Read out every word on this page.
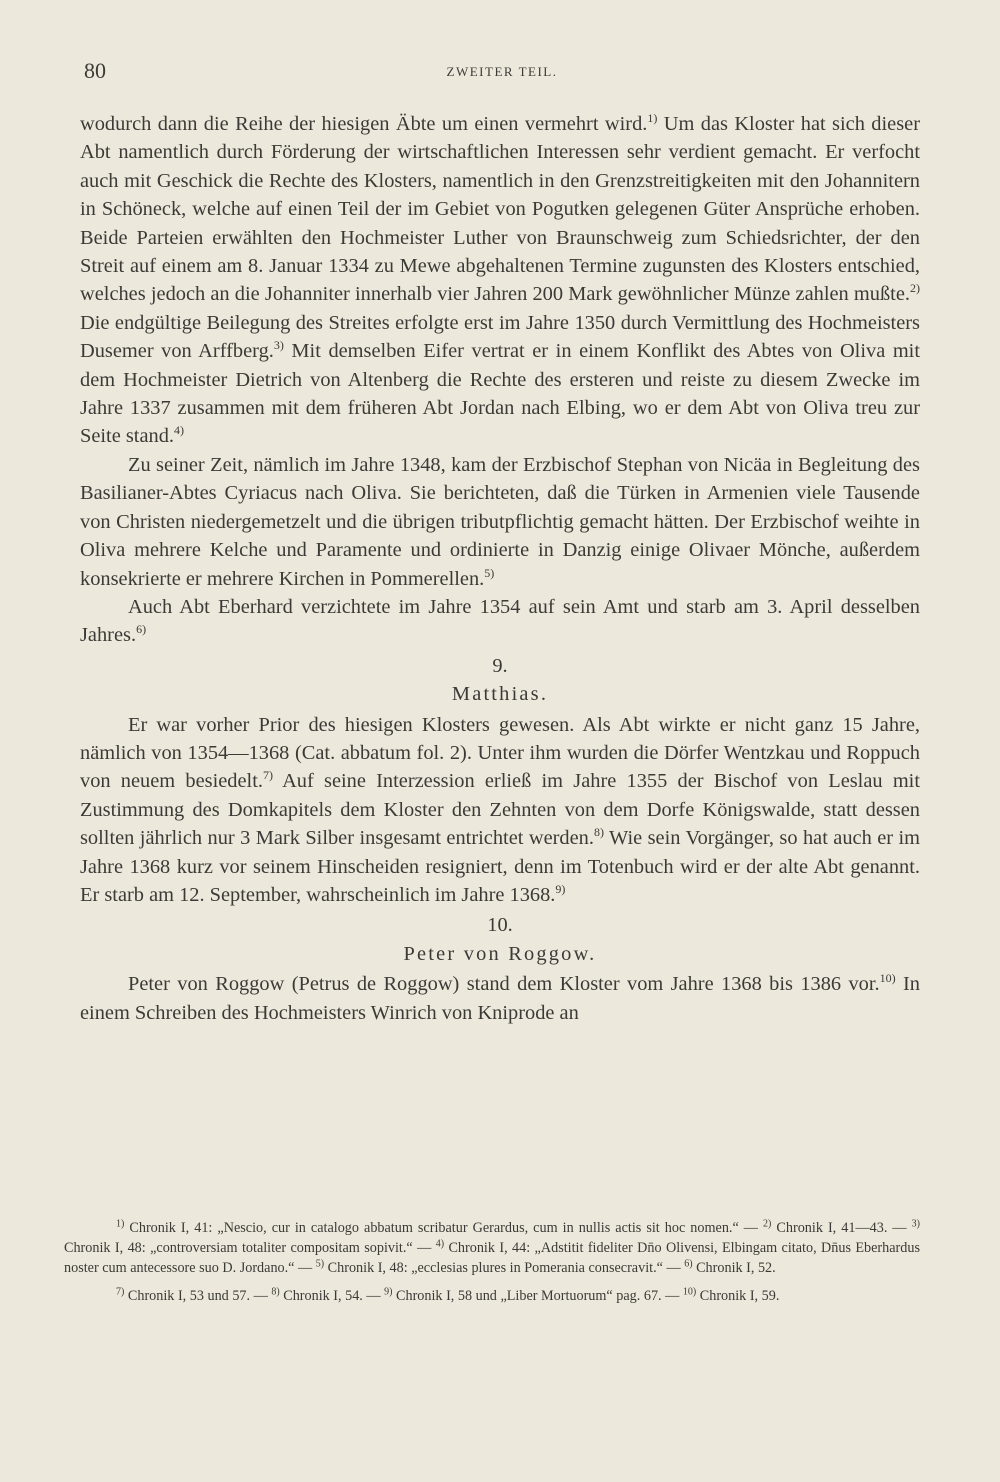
80	ZWEITER TEIL.

wodurch dann die Reihe der hiesigen Äbte um einen vermehrt wird.$^{1)}$ Um das Kloster hat sich dieser Abt namentlich durch Förderung der wirtschaftlichen Interessen sehr verdient gemacht. Er verfocht auch mit Geschick die Rechte des Klosters, namentlich in den Grenzstreitigkeiten mit den Johannitern in Schöneck, welche auf einen Teil der im Gebiet von Pogutken gelegenen Güter Ansprüche erhoben. Beide Parteien erwählten den Hochmeister Luther von Braunschweig zum Schiedsrichter, der den Streit auf einem am 8. Januar 1334 zu Mewe abgehaltenen Termine zugunsten des Klosters entschied, welches jedoch an die Johanniter innerhalb vier Jahren 200 Mark gewöhnlicher Münze zahlen mußte.$^{2)}$ Die endgültige Beilegung des Streites erfolgte erst im Jahre 1350 durch Vermittlung des Hochmeisters Dusemer von Arffberg.$^{3)}$ Mit demselben Eifer vertrat er in einem Konflikt des Abtes von Oliva mit dem Hochmeister Dietrich von Altenberg die Rechte des ersteren und reiste zu diesem Zwecke im Jahre 1337 zusammen mit dem früheren Abt Jordan nach Elbing, wo er dem Abt von Oliva treu zur Seite stand.$^{4)}$

Zu seiner Zeit, nämlich im Jahre 1348, kam der Erzbischof Stephan von Nicäa in Begleitung des Basilianer-Abtes Cyriacus nach Oliva. Sie berichteten, daß die Türken in Armenien viele Tausende von Christen niedergemetzelt und die übrigen tributpflichtig gemacht hätten. Der Erzbischof weihte in Oliva mehrere Kelche und Paramente und ordinierte in Danzig einige Olivaer Mönche, außerdem konsekrierte er mehrere Kirchen in Pommerellen.$^{5)}$

Auch Abt Eberhard verzichtete im Jahre 1354 auf sein Amt und starb am 3. April desselben Jahres.$^{6)}$

9.
Matthias.

Er war vorher Prior des hiesigen Klosters gewesen. Als Abt wirkte er nicht ganz 15 Jahre, nämlich von 1354—1368 (Cat. abbatum fol. 2). Unter ihm wurden die Dörfer Wentzkau und Roppuch von neuem besiedelt.$^{7)}$ Auf seine Interzession erließ im Jahre 1355 der Bischof von Leslau mit Zustimmung des Domkapitels dem Kloster den Zehnten von dem Dorfe Königswalde, statt dessen sollten jährlich nur 3 Mark Silber insgesamt entrichtet werden.$^{8)}$ Wie sein Vorgänger, so hat auch er im Jahre 1368 kurz vor seinem Hinscheiden resigniert, denn im Totenbuch wird er der alte Abt genannt. Er starb am 12. September, wahrscheinlich im Jahre 1368.$^{9)}$

10.
Peter von Roggow.

Peter von Roggow (Petrus de Roggow) stand dem Kloster vom Jahre 1368 bis 1386 vor.$^{10)}$ In einem Schreiben des Hochmeisters Winrich von Kniprode an

$^{1)}$ Chronik I, 41: „Nescio, cur in catalogo abbatum scribatur Gerardus, cum in nullis actis sit hoc nomen.“ — $^{2)}$ Chronik I, 41—43. — $^{3)}$ Chronik I, 48: „controversiam totaliter compositam sopivit.“ — $^{4)}$ Chronik I, 44: „Adstitit fideliter Dn̄o Olivensi, Elbingam citato, Dn̄us Eberhardus noster cum antecessore suo D. Jordano.“ — $^{5)}$ Chronik I, 48: „ecclesias plures in Pomerania consecravit.“ — $^{6)}$ Chronik I, 52.

$^{7)}$ Chronik I, 53 und 57. — $^{8)}$ Chronik I, 54. — $^{9)}$ Chronik I, 58 und „Liber Mortuorum“ pag. 67. — $^{10)}$ Chronik I, 59.
